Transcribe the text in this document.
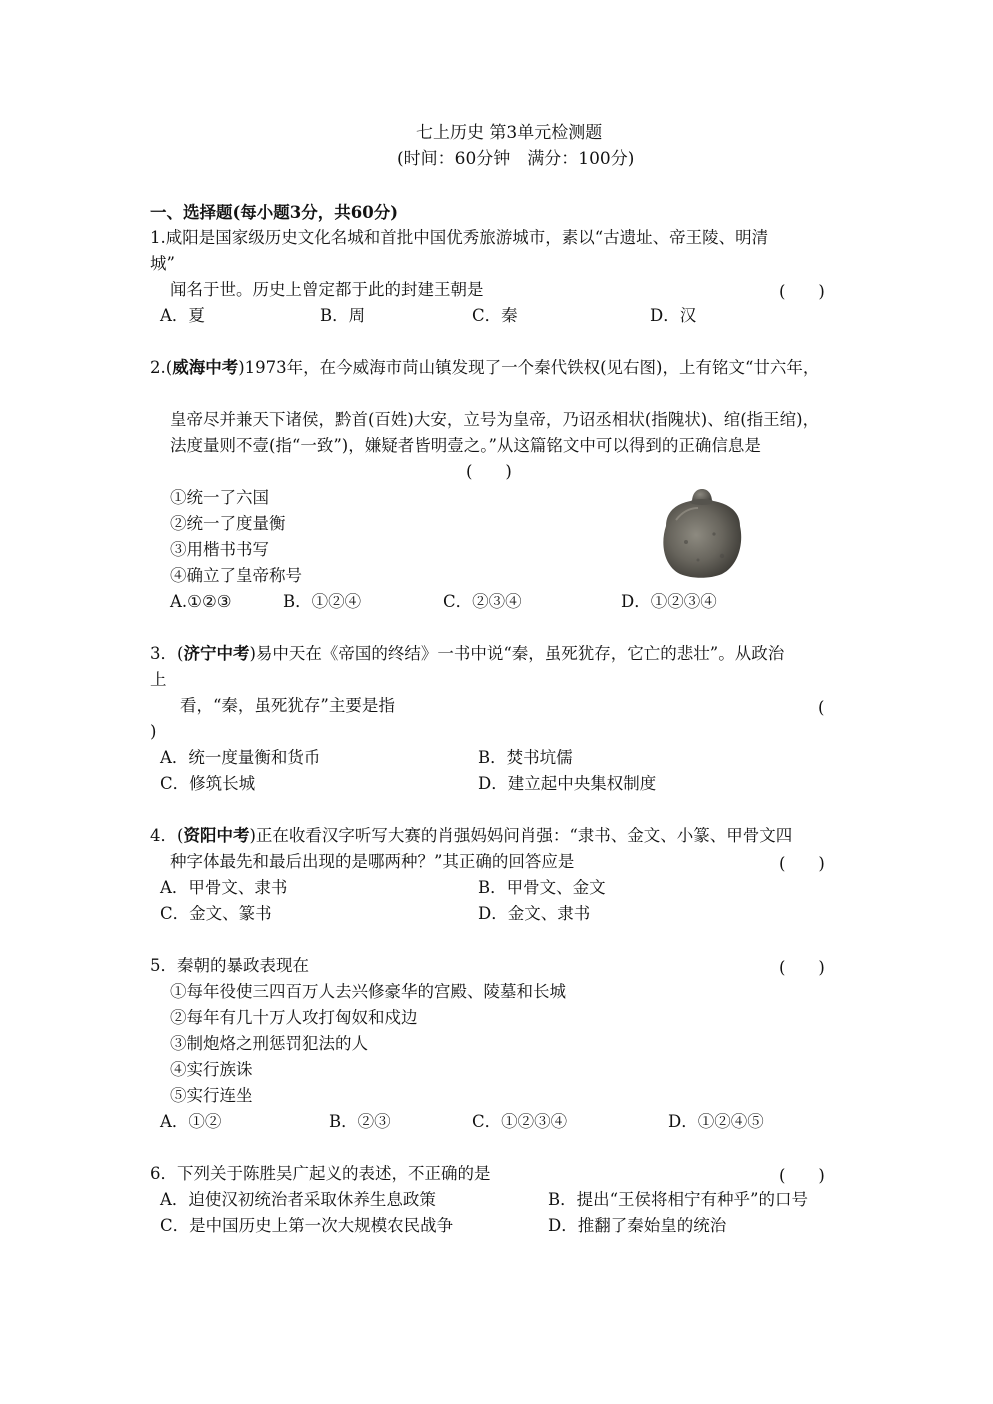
七上历史 第3单元检测题
(时间：60分钟　满分：100分)
一、选择题(每小题3分，共60分)
1.咸阳是国家级历史文化名城和首批中国优秀旅游城市，素以“古遗址、帝王陵、明清
城”
闻名于世。历史上曾定都于此的封建王朝是	(　　)
A．夏	B．周	C．秦	D．汉
2.(威海中考)1973年，在今威海市苘山镇发现了一个秦代铁权(见右图)，上有铭文“廿六年，
皇帝尽并兼天下诸侯，黔首(百姓)大安，立号为皇帝，乃诏丞相状(指隗状)、绾(指王绾)，
法度量则不壹(指“一致”)，嫌疑者皆明壹之。”从这篇铭文中可以得到的正确信息是
(　　)
①统一了六国
②统一了度量衡
③用楷书书写
④确立了皇帝称号
A.①②③	B．①②④	C．②③④	D．①②③④
3．(济宁中考)易中天在《帝国的终结》一书中说“秦，虽死犹存，它亡的悲壮”。从政治
上
看，“秦，虽死犹存”主要是指	(
)
A．统一度量衡和货币	B．焚书坑儒
C．修筑长城	D．建立起中央集权制度
4．(资阳中考)正在收看汉字听写大赛的肖强妈妈问肖强：“隶书、金文、小篆、甲骨文四
种字体最先和最后出现的是哪两种？”其正确的回答应是	(　　)
A．甲骨文、隶书	B．甲骨文、金文
C．金文、篆书	D．金文、隶书
5．秦朝的暴政表现在	(　　)
①每年役使三四百万人去兴修豪华的宫殿、陵墓和长城
②每年有几十万人攻打匈奴和戍边
③制炮烙之刑惩罚犯法的人
④实行族诛
⑤实行连坐
A．①②	B．②③	C．①②③④	D．①②④⑤
6．下列关于陈胜吴广起义的表述，不正确的是	(　　)
A．迫使汉初统治者采取休养生息政策	B．提出“王侯将相宁有种乎”的口号
C．是中国历史上第一次大规模农民战争	D．推翻了秦始皇的统治
